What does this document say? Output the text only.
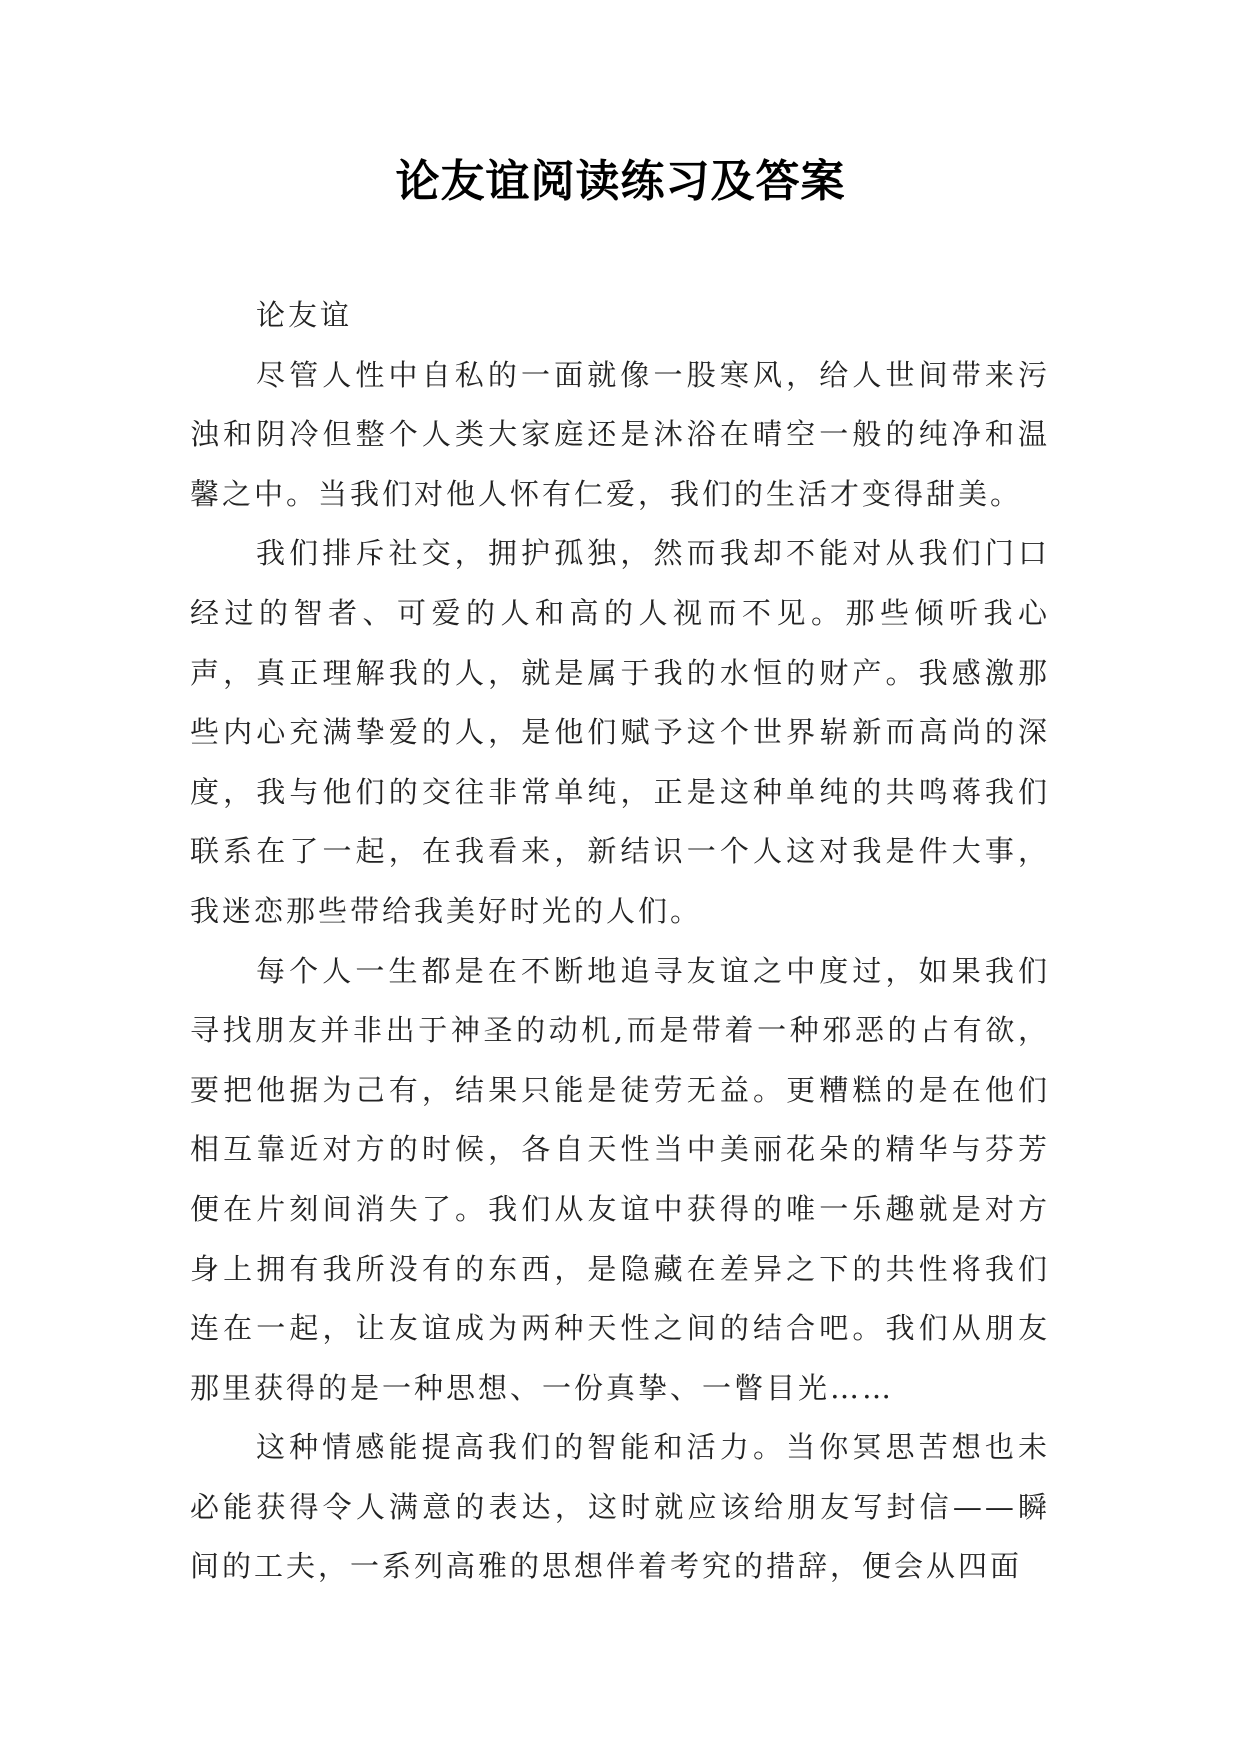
论友谊阅读练习及答案
论友谊

尽管人性中自私的一面就像一股寒风，给人世间带来污浊和阴冷但整个人类大家庭还是沐浴在晴空一般的纯净和温馨之中。当我们对他人怀有仁爱，我们的生活才变得甜美。

我们排斥社交，拥护孤独，然而我却不能对从我们门口经过的智者、可爱的人和高的人视而不见。那些倾听我心声，真正理解我的人，就是属于我的水恒的财产。我感激那些内心充满挚爱的人，是他们赋予这个世界崭新而高尚的深度，我与他们的交往非常单纯，正是这种单纯的共鸣蒋我们联系在了一起，在我看来，新结识一个人这对我是件大事，我迷恋那些带给我美好时光的人们。

每个人一生都是在不断地追寻友谊之中度过，如果我们寻找朋友并非出于神圣的动机,而是带着一种邪恶的占有欲，要把他据为己有，结果只能是徒劳无益。更糟糕的是在他们相互靠近对方的时候，各自天性当中美丽花朵的精华与芬芳便在片刻间消失了。我们从友谊中获得的唯一乐趣就是对方身上拥有我所没有的东西，是隐藏在差异之下的共性将我们连在一起，让友谊成为两种天性之间的结合吧。我们从朋友那里获得的是一种思想、一份真挚、一瞥目光……

这种情感能提高我们的智能和活力。当你冥思苦想也未必能获得令人满意的表达，这时就应该给朋友写封信——瞬间的工夫，一系列高雅的思想伴着考究的措辞，便会从四面
